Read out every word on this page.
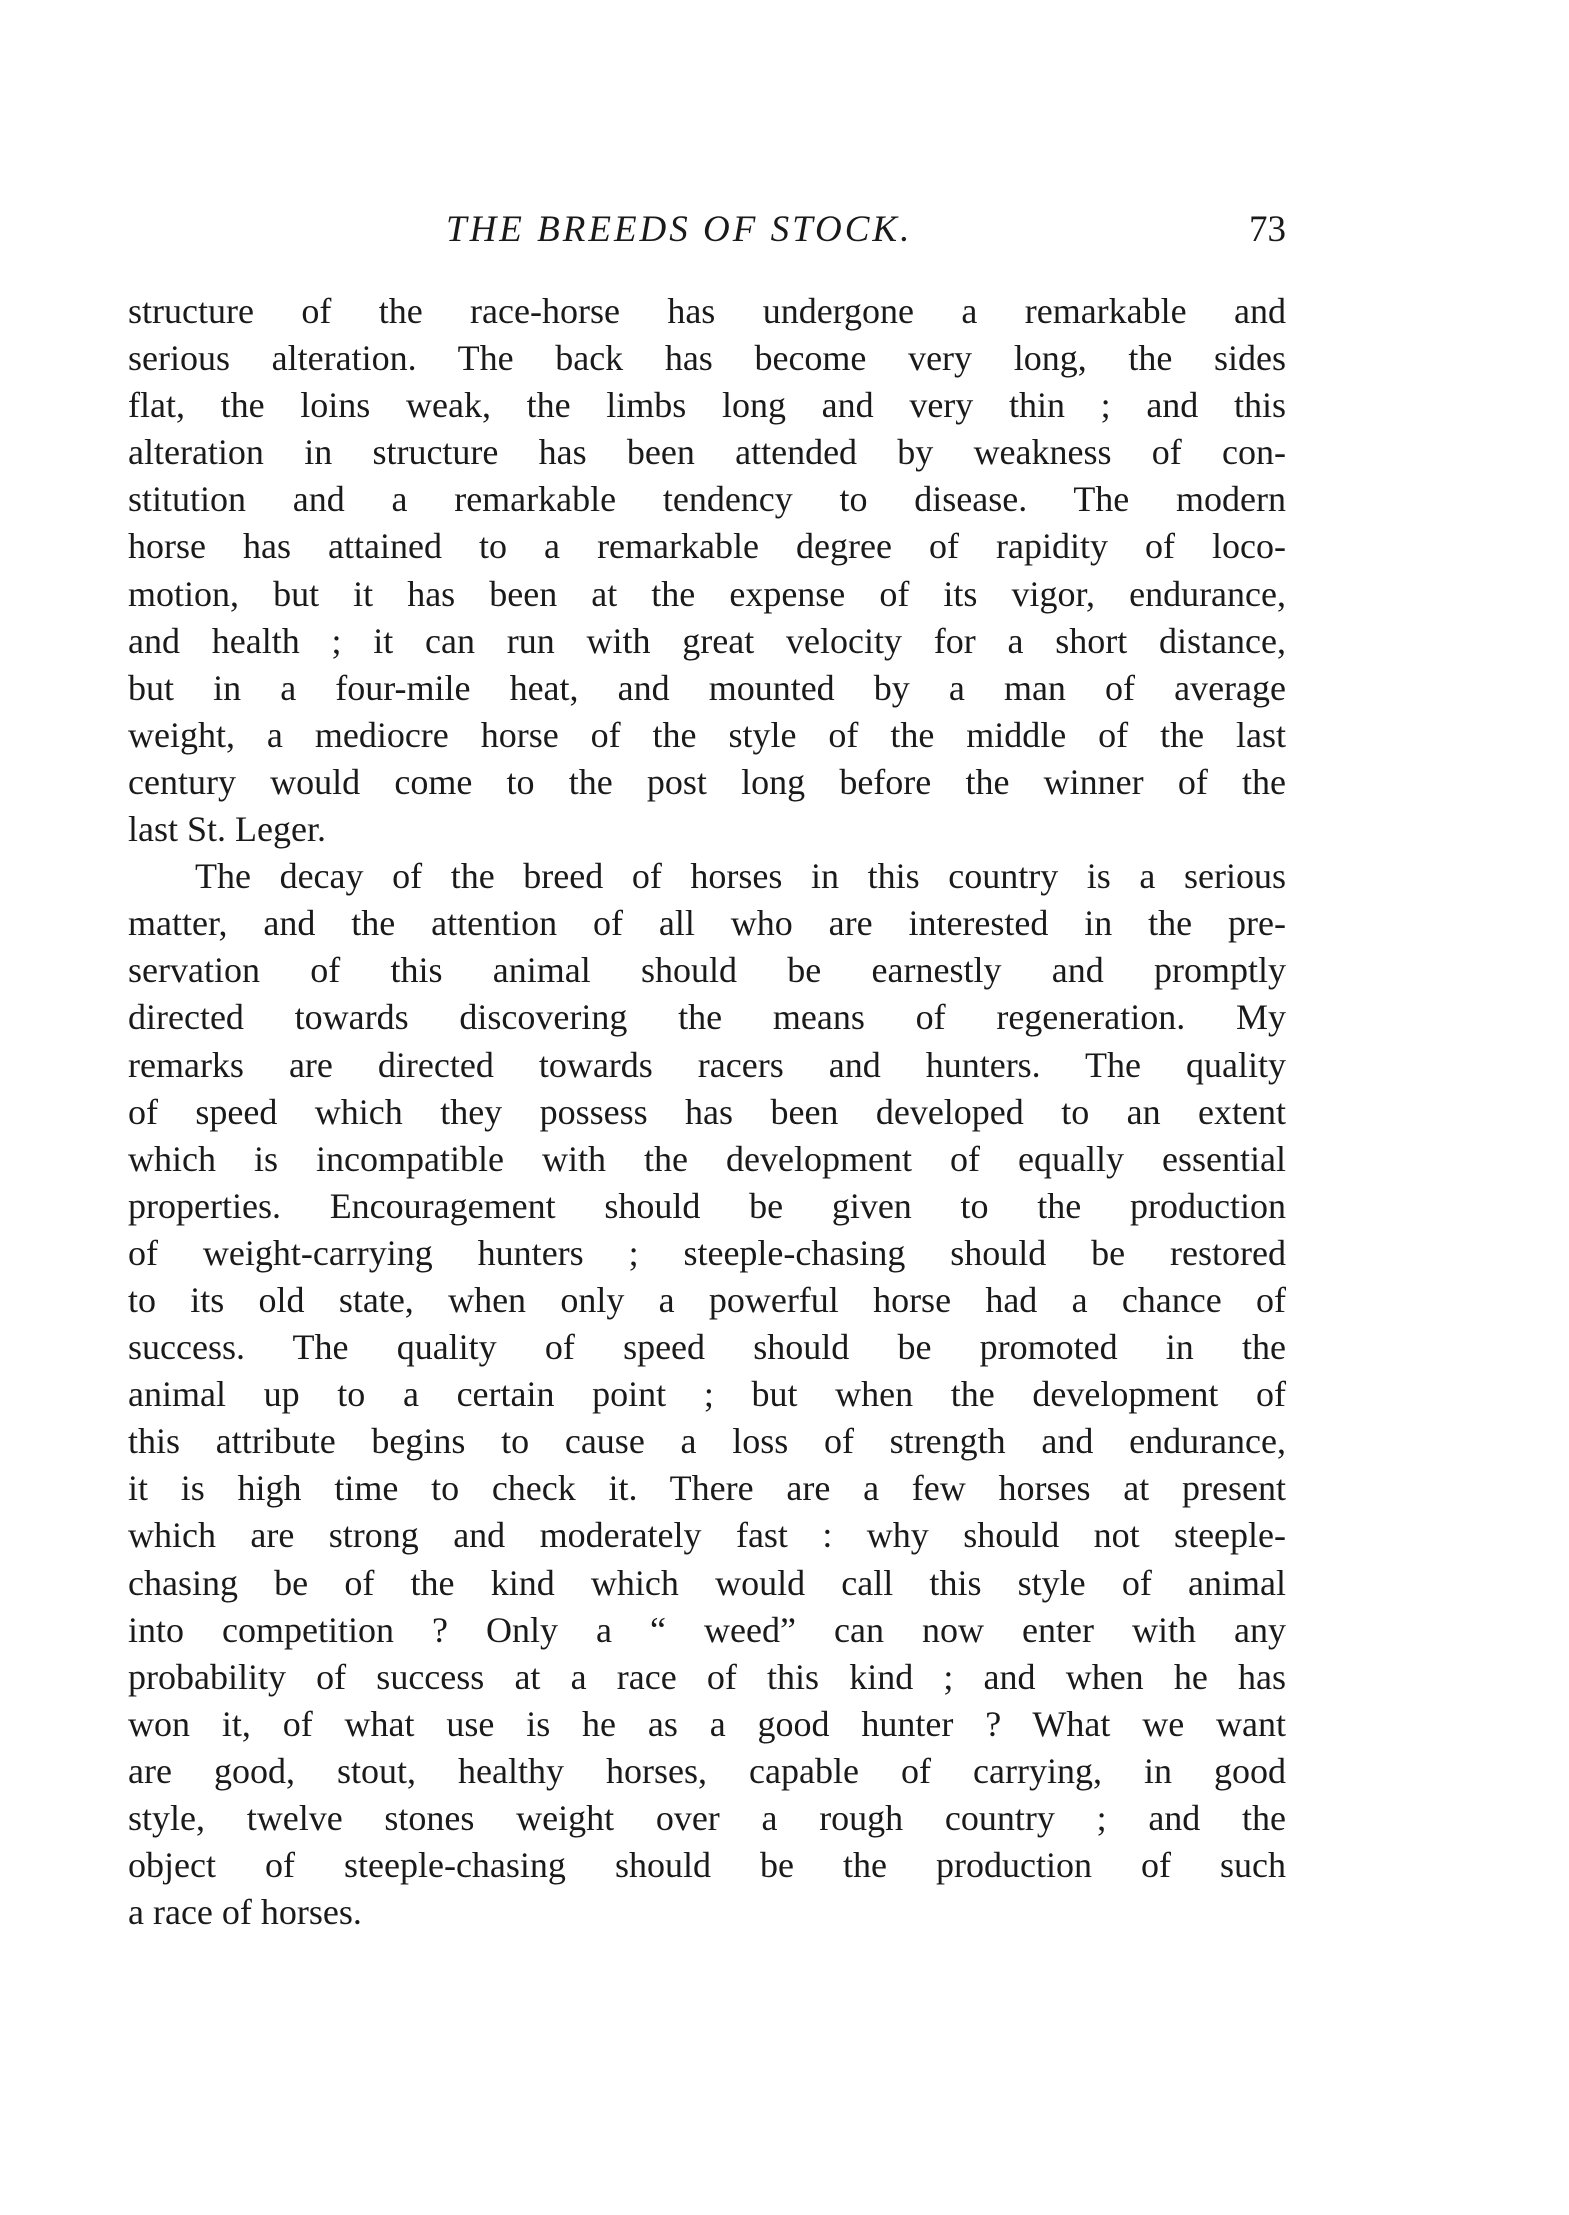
THE BREEDS OF STOCK.	73
structure of the race-horse has undergone a remarkable and
serious alteration. The back has become very long, the sides
flat, the loins weak, the limbs long and very thin ; and this
alteration in structure has been attended by weakness of con-
stitution and a remarkable tendency to disease. The modern
horse has attained to a remarkable degree of rapidity of loco-
motion, but it has been at the expense of its vigor, endurance,
and health ; it can run with great velocity for a short distance,
but in a four-mile heat, and mounted by a man of average
weight, a mediocre horse of the style of the middle of the last
century would come to the post long before the winner of the
last St. Leger.
The decay of the breed of horses in this country is a serious
matter, and the attention of all who are interested in the pre-
servation of this animal should be earnestly and promptly
directed towards discovering the means of regeneration. My
remarks are directed towards racers and hunters. The quality
of speed which they possess has been developed to an extent
which is incompatible with the development of equally essential
properties. Encouragement should be given to the production
of weight-carrying hunters ; steeple-chasing should be restored
to its old state, when only a powerful horse had a chance of
success. The quality of speed should be promoted in the
animal up to a certain point ; but when the development of
this attribute begins to cause a loss of strength and endurance,
it is high time to check it. There are a few horses at present
which are strong and moderately fast : why should not steeple-
chasing be of the kind which would call this style of animal
into competition ? Only a “ weed” can now enter with any
probability of success at a race of this kind ; and when he has
won it, of what use is he as a good hunter ? What we want
are good, stout, healthy horses, capable of carrying, in good
style, twelve stones weight over a rough country ; and the
object of steeple-chasing should be the production of such
a race of horses.
